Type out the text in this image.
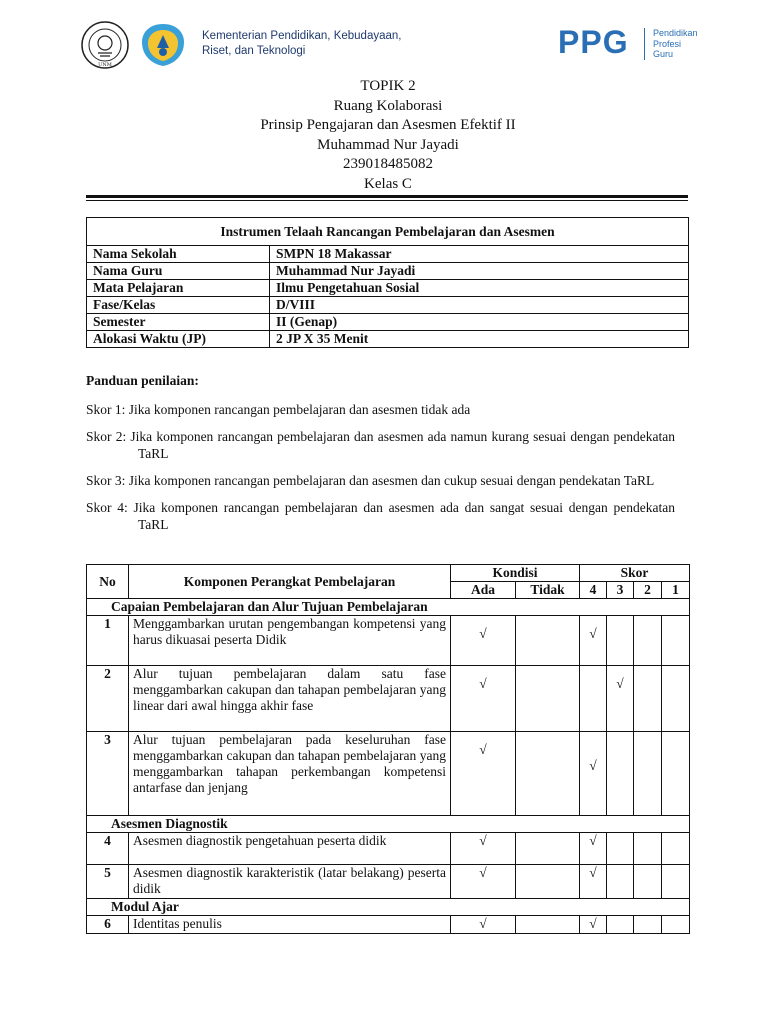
UNM
Kementerian Pendidikan, Kebudayaan,
Riset, dan Teknologi	PPG	Pendidikan
Profesi
Guru
TOPIK 2
Ruang Kolaborasi
Prinsip Pengajaran dan Asesmen Efektif II
Muhammad Nur Jayadi
239018485082
Kelas C
Instrumen Telaah Rancangan Pembelajaran dan Asesmen	
Nama Sekolah	SMPN 18 Makassar
Nama Guru	Muhammad Nur Jayadi
Mata Pelajaran	Ilmu Pengetahuan Sosial
Fase/Kelas	D/VIII
Semester	II (Genap)
Alokasi Waktu (JP)	2 JP X 35 Menit
Panduan penilaian:
Skor 1: Jika komponen rancangan pembelajaran dan asesmen tidak ada
Skor 2: Jika komponen rancangan pembelajaran dan asesmen ada namun kurang sesuai dengan pendekatan TaRL
Skor 3: Jika komponen rancangan pembelajaran dan asesmen dan cukup sesuai dengan pendekatan TaRL
Skor 4: Jika komponen rancangan pembelajaran dan asesmen ada dan sangat sesuai dengan pendekatan TaRL
No	Komponen Perangkat Pembelajaran	Kondisi		Skor			
		Ada	Tidak	4	3	2	1
Capaian Pembelajaran dan Alur Tujuan Pembelajaran							
1	Menggambarkan urutan pengembangan kompetensi yang harus dikuasai peserta Didik	√		√			
2	Alur tujuan pembelajaran dalam satu fase menggambarkan cakupan dan tahapan pembelajaran yang linear dari awal hingga akhir fase	√			√		
3	Alur tujuan pembelajaran pada keseluruhan fase menggambarkan cakupan dan tahapan pembelajaran yang menggambarkan tahapan perkembangan kompetensi antarfase dan jenjang	√		√			
Asesmen Diagnostik							
4	Asesmen diagnostik pengetahuan peserta didik	√		√			
5	Asesmen diagnostik karakteristik (latar belakang) peserta didik	√		√			
Modul Ajar							
6	Identitas penulis	√		√			
